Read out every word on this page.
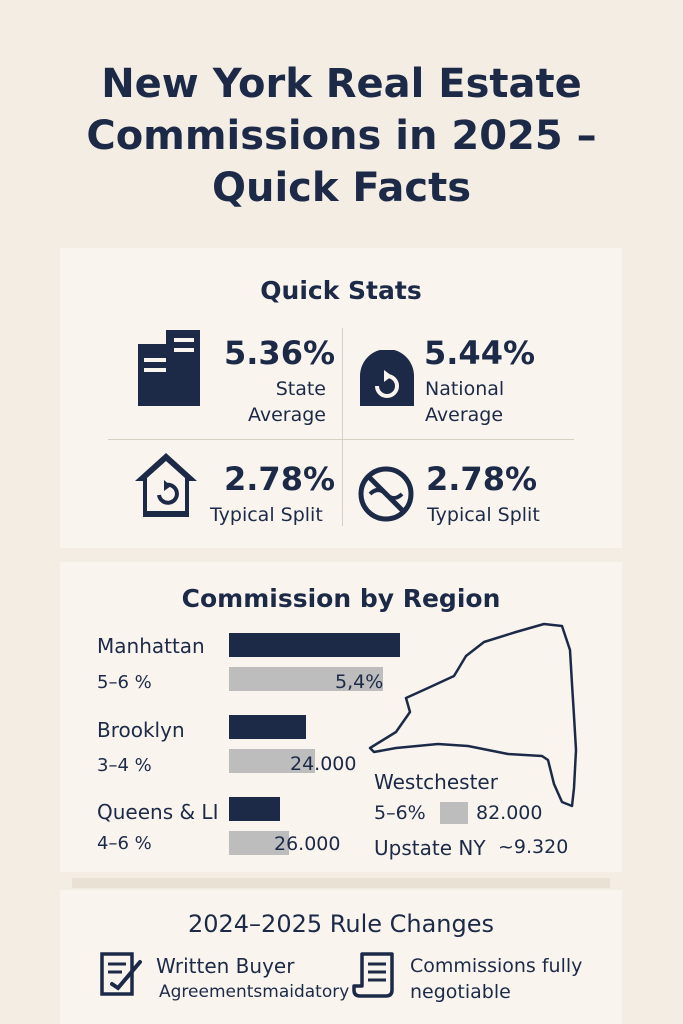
New York Real Estate
Commissions in 2025 –
Quick Facts
Quick Stats
5.36%
State
Average
5.44%
National
Average
2.78%
Typical Split
2.78%
Typical Split
Commission by Region
Manhattan
5–6 %	5,4%
Brooklyn
3–4 %	24.000
Queens & LI
4–6 %	26.000
Westchester
5–6%	82.000
Upstate NY ~9.320
2024–2025 Rule Changes
Written Buyer
Agreementsmaidatory
Commissions fully
negotiable
